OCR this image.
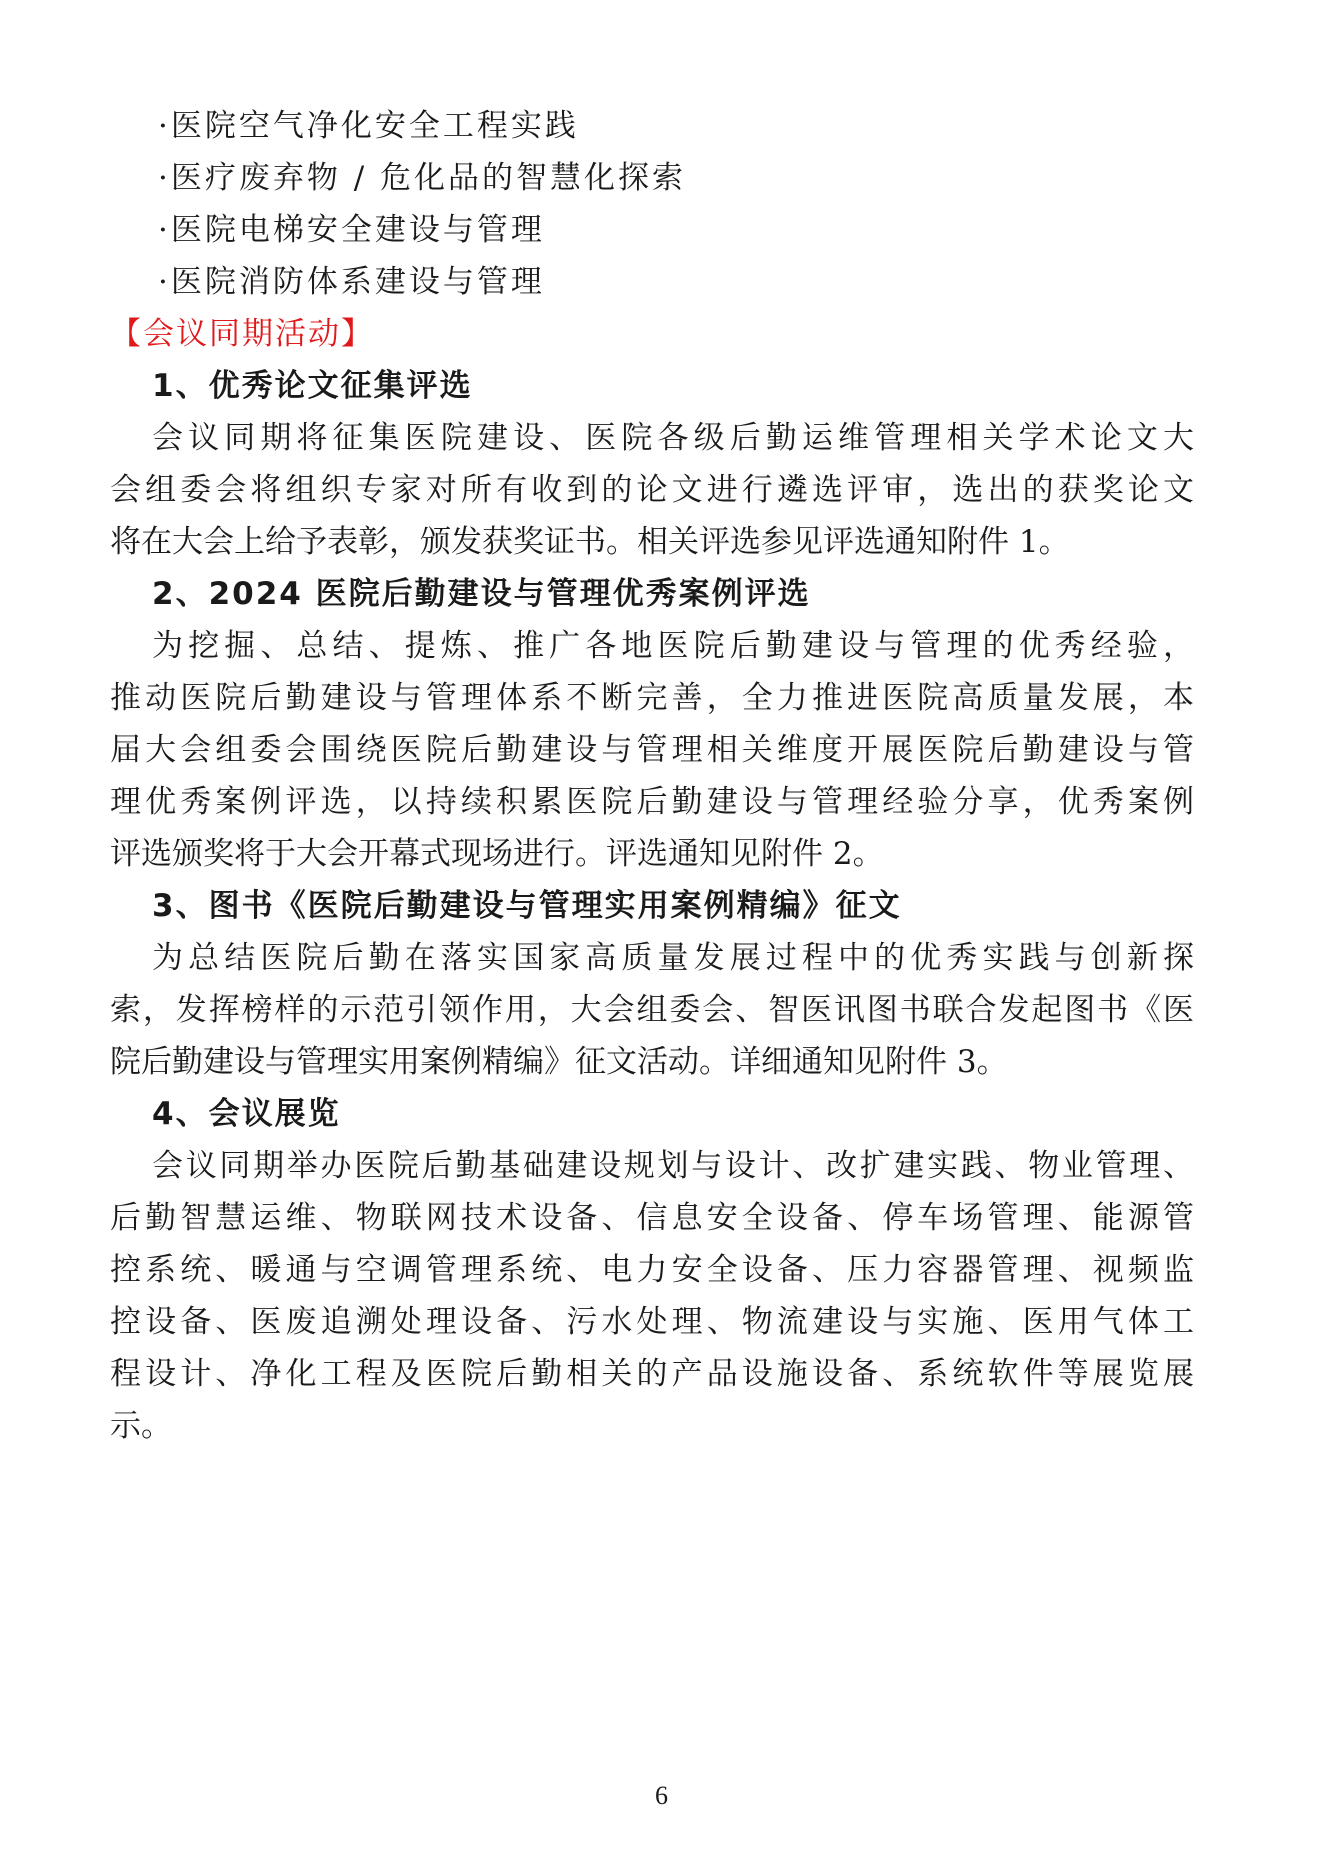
·医院空气净化安全工程实践
·医疗废弃物 / 危化品的智慧化探索
·医院电梯安全建设与管理
·医院消防体系建设与管理
【会议同期活动】
1、优秀论文征集评选
会议同期将征集医院建设、医院各级后勤运维管理相关学术论文大
会组委会将组织专家对所有收到的论文进行遴选评审，选出的获奖论文
将在大会上给予表彰，颁发获奖证书。相关评选参见评选通知附件 1。
2、2024 医院后勤建设与管理优秀案例评选
为挖掘、总结、提炼、推广各地医院后勤建设与管理的优秀经验，
推动医院后勤建设与管理体系不断完善，全力推进医院高质量发展，本
届大会组委会围绕医院后勤建设与管理相关维度开展医院后勤建设与管
理优秀案例评选，以持续积累医院后勤建设与管理经验分享，优秀案例
评选颁奖将于大会开幕式现场进行。评选通知见附件 2。
3、图书《医院后勤建设与管理实用案例精编》征文
为总结医院后勤在落实国家高质量发展过程中的优秀实践与创新探
索，发挥榜样的示范引领作用，大会组委会、智医讯图书联合发起图书《医
院后勤建设与管理实用案例精编》征文活动。详细通知见附件 3。
4、会议展览
会议同期举办医院后勤基础建设规划与设计、改扩建实践、物业管理、
后勤智慧运维、物联网技术设备、信息安全设备、停车场管理、能源管
控系统、暖通与空调管理系统、电力安全设备、压力容器管理、视频监
控设备、医废追溯处理设备、污水处理、物流建设与实施、医用气体工
程设计、净化工程及医院后勤相关的产品设施设备、系统软件等展览展
示。
6
